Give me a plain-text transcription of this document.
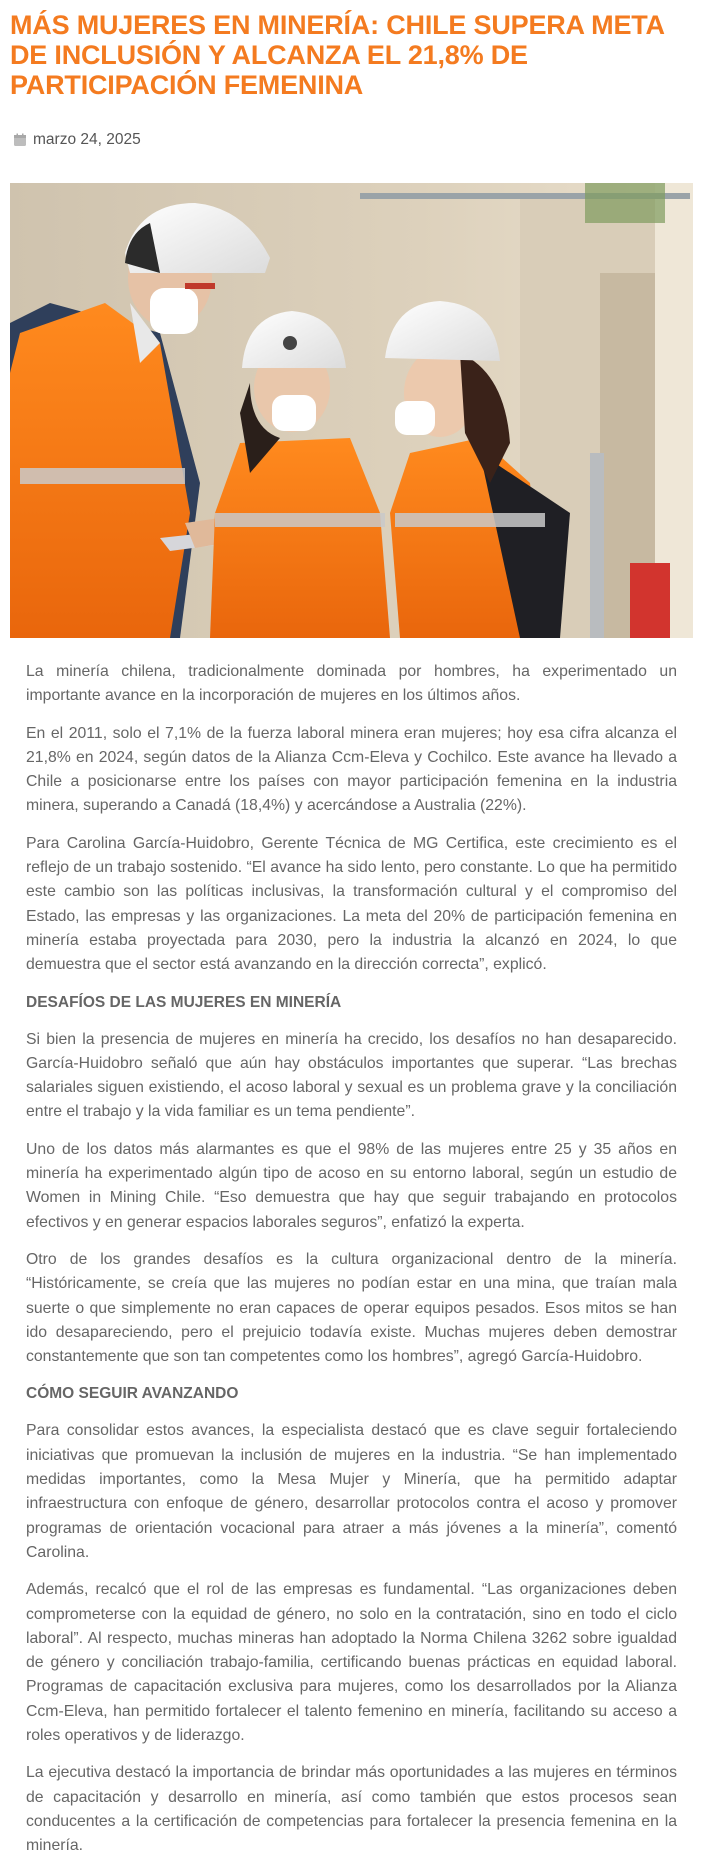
MÁS MUJERES EN MINERÍA: CHILE SUPERA META DE INCLUSIÓN Y ALCANZA EL 21,8% DE PARTICIPACIÓN FEMENINA
marzo 24, 2025

La minería chilena, tradicionalmente dominada por hombres, ha experimentado un importante avance en la incorporación de mujeres en los últimos años.

En el 2011, solo el 7,1% de la fuerza laboral minera eran mujeres; hoy esa cifra alcanza el 21,8% en 2024, según datos de la Alianza Ccm-Eleva y Cochilco. Este avance ha llevado a Chile a posicionarse entre los países con mayor participación femenina en la industria minera, superando a Canadá (18,4%) y acercándose a Australia (22%).

Para Carolina García-Huidobro, Gerente Técnica de MG Certifica, este crecimiento es el reflejo de un trabajo sostenido. “El avance ha sido lento, pero constante. Lo que ha permitido este cambio son las políticas inclusivas, la transformación cultural y el compromiso del Estado, las empresas y las organizaciones. La meta del 20% de participación femenina en minería estaba proyectada para 2030, pero la industria la alcanzó en 2024, lo que demuestra que el sector está avanzando en la dirección correcta”, explicó.

DESAFÍOS DE LAS MUJERES EN MINERÍA

Si bien la presencia de mujeres en minería ha crecido, los desafíos no han desaparecido. García-Huidobro señaló que aún hay obstáculos importantes que superar. “Las brechas salariales siguen existiendo, el acoso laboral y sexual es un problema grave y la conciliación entre el trabajo y la vida familiar es un tema pendiente”.

Uno de los datos más alarmantes es que el 98% de las mujeres entre 25 y 35 años en minería ha experimentado algún tipo de acoso en su entorno laboral, según un estudio de Women in Mining Chile. “Eso demuestra que hay que seguir trabajando en protocolos efectivos y en generar espacios laborales seguros”, enfatizó la experta.

Otro de los grandes desafíos es la cultura organizacional dentro de la minería. “Históricamente, se creía que las mujeres no podían estar en una mina, que traían mala suerte o que simplemente no eran capaces de operar equipos pesados. Esos mitos se han ido desapareciendo, pero el prejuicio todavía existe. Muchas mujeres deben demostrar constantemente que son tan competentes como los hombres”, agregó García-Huidobro.

CÓMO SEGUIR AVANZANDO

Para consolidar estos avances, la especialista destacó que es clave seguir fortaleciendo iniciativas que promuevan la inclusión de mujeres en la industria. “Se han implementado medidas importantes, como la Mesa Mujer y Minería, que ha permitido adaptar infraestructura con enfoque de género, desarrollar protocolos contra el acoso y promover programas de orientación vocacional para atraer a más jóvenes a la minería”, comentó Carolina.

Además, recalcó que el rol de las empresas es fundamental. “Las organizaciones deben comprometerse con la equidad de género, no solo en la contratación, sino en todo el ciclo laboral”. Al respecto, muchas mineras han adoptado la Norma Chilena 3262 sobre igualdad de género y conciliación trabajo-familia, certificando buenas prácticas en equidad laboral. Programas de capacitación exclusiva para mujeres, como los desarrollados por la Alianza Ccm-Eleva, han permitido fortalecer el talento femenino en minería, facilitando su acceso a roles operativos y de liderazgo.

La ejecutiva destacó la importancia de brindar más oportunidades a las mujeres en términos de capacitación y desarrollo en minería, así como también que estos procesos sean conducentes a la certificación de competencias para fortalecer la presencia femenina en la minería.
